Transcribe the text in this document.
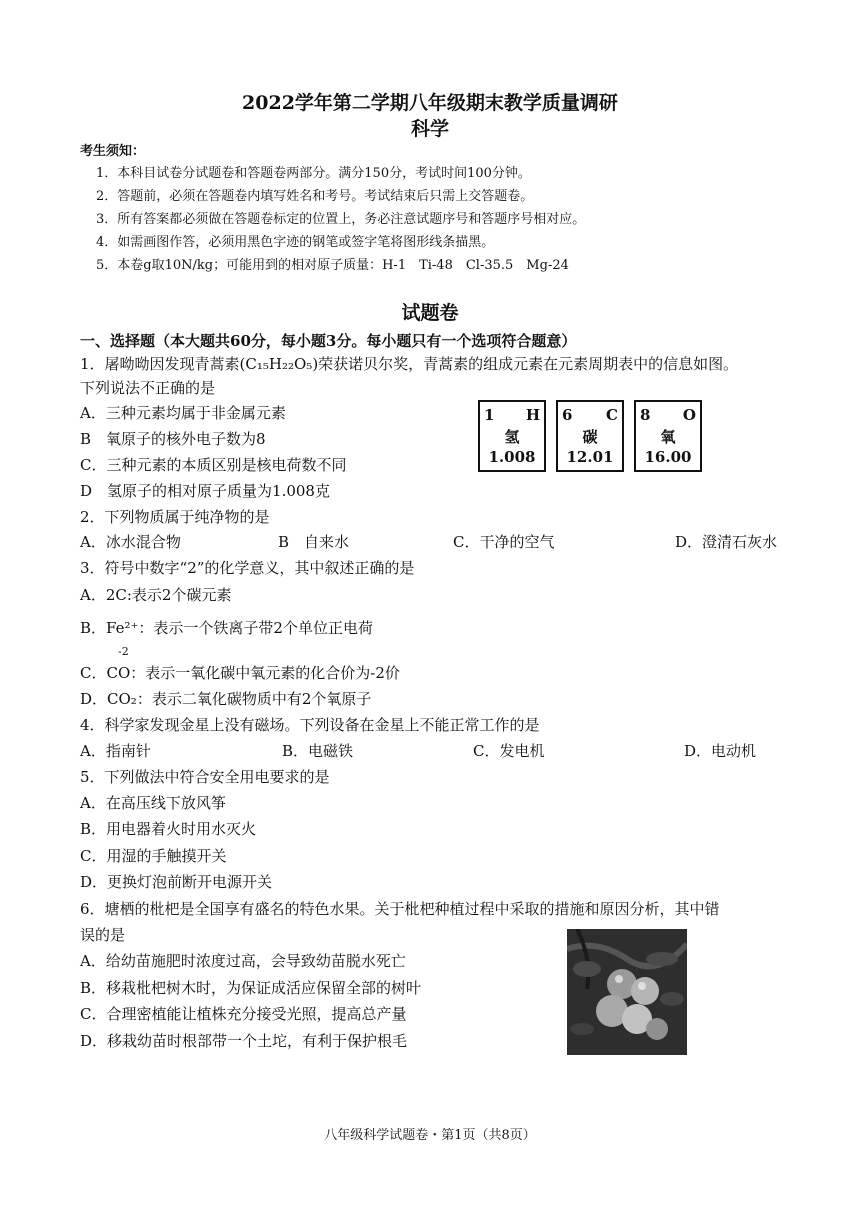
2022学年第二学期八年级期末教学质量调研
科学
考生须知：
1．本科目试卷分试题卷和答题卷两部分。满分150分，考试时间100分钟。
2．答题前，必须在答题卷内填写姓名和考号。考试结束后只需上交答题卷。
3．所有答案都必须做在答题卷标定的位置上，务必注意试题序号和答题序号相对应。
4．如需画图作答，必须用黑色字迹的钢笔或签字笔将图形线条描黑。
5．本卷g取10N/kg；可能用到的相对原子质量：H-1　Ti-48　Cl-35.5　Mg-24
试题卷
一、选择题（本大题共60分，每小题3分。每小题只有一个选项符合题意）
1．屠呦呦因发现青蒿素(C₁₅H₂₂O₅)荣获诺贝尔奖，青蒿素的组成元素在元素周期表中的信息如图。
下列说法不正确的是
A．三种元素均属于非金属元素
B　氧原子的核外电子数为8
C．三种元素的本质区别是核电荷数不同
D　氢原子的相对原子质量为1.008克
1 H
氢
1.008
6 C
碳
12.01
8 O
氧
16.00
2．下列物质属于纯净物的是
A．冰水混合物	B　自来水	C．干净的空气	D．澄清石灰水
3．符号中数字“2”的化学意义，其中叙述正确的是
A．2C:表示2个碳元素
B．Fe²⁺：表示一个铁离子带2个单位正电荷
-2
C．CO：表示一氧化碳中氧元素的化合价为-2价
D．CO₂：表示二氧化碳物质中有2个氧原子
4．科学家发现金星上没有磁场。下列设备在金星上不能正常工作的是
A．指南针	B．电磁铁	C．发电机	D．电动机
5．下列做法中符合安全用电要求的是
A．在高压线下放风筝
B．用电器着火时用水灭火
C．用湿的手触摸开关
D．更换灯泡前断开电源开关
6．塘栖的枇杷是全国享有盛名的特色水果。关于枇杷种植过程中采取的措施和原因分析，其中错
误的是
A．给幼苗施肥时浓度过高，会导致幼苗脱水死亡
B．移栽枇杷树木时，为保证成活应保留全部的树叶
C．合理密植能让植株充分接受光照，提高总产量
D．移栽幼苗时根部带一个土坨，有利于保护根毛
八年级科学试题卷・第1页（共8页）
